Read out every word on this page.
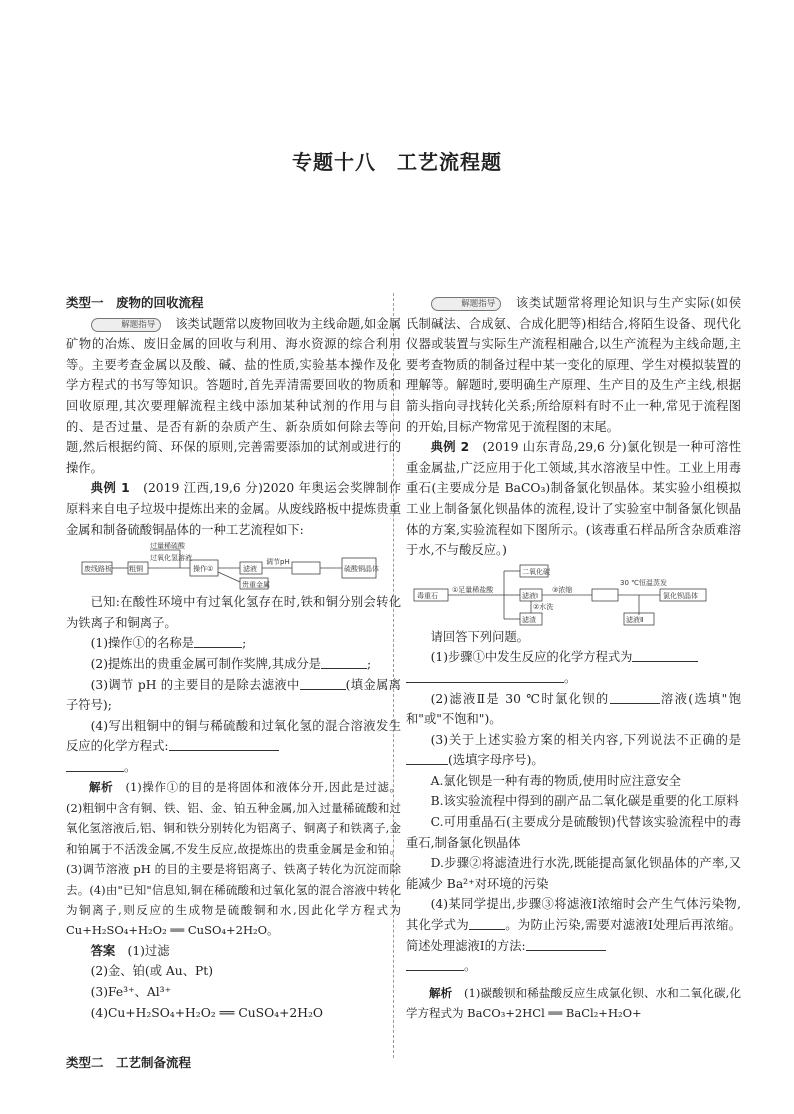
专题十八　工艺流程题

类型一　废物的回收流程

解题指导 该类试题常以废物回收为主线命题,如金属矿物的冶炼、废旧金属的回收与利用、海水资源的综合利用等。主要考查金属以及酸、碱、盐的性质,实验基本操作及化学方程式的书写等知识。答题时,首先弄清需要回收的物质和回收原理,其次要理解流程主线中添加某种试剂的作用与目的、是否过量、是否有新的杂质产生、新杂质如何除去等问题,然后根据约简、环保的原则,完善需要添加的试剂或进行的操作。

典例 1　 (2019 江西,19,6 分)2020 年奥运会奖牌制作原料来自电子垃圾中提炼出来的金属。从废线路板中提炼贵重金属和制备硫酸铜晶体的一种工艺流程如下:

废线路板 粗铜
过量稀硫酸
过氧化氢溶液
操作①	滤液
调节pH
硫酸铜晶体
贵重金属

已知:在酸性环境中有过氧化氢存在时,铁和铜分别会转化为铁离子和铜离子。

(1)操作①的名称是	;

(2)提炼出的贵重金属可制作奖牌,其成分是	;

(3)调节 pH 的主要目的是除去滤液中	(填金属离子符号);

(4)写出粗铜中的铜与稀硫酸和过氧化氢的混合溶液发生反应的化学方程式:
。

解析　 (1)操作①的目的是将固体和液体分开,因此是过滤。(2)粗铜中含有铜、铁、铝、金、铂五种金属,加入过量稀硫酸和过氧化氢溶液后,铝、铜和铁分别转化为铝离子、铜离子和铁离子,金和铂属于不活泼金属,不发生反应,故提炼出的贵重金属是金和铂。(3)调节溶液 pH 的目的主要是将铝离子、铁离子转化为沉淀而除去。(4)由"已知"信息知,铜在稀硫酸和过氧化氢的混合溶液中转化为铜离子,则反应的生成物是硫酸铜和水,因此化学方程式为 Cu+H₂SO₄+H₂O₂ ══ CuSO₄+2H₂O。

答案　 (1)过滤

(2)金、铂(或 Au、Pt)

(3)Fe³⁺、Al³⁺

(4)Cu+H₂SO₄+H₂O₂ ══ CuSO₄+2H₂O

类型二　工艺制备流程

解题指导 该类试题常将理论知识与生产实际(如侯氏制碱法、合成氨、合成化肥等)相结合,将陌生设备、现代化仪器或装置与实际生产流程相融合,以生产流程为主线命题,主要考查物质的制备过程中某一变化的原理、学生对模拟装置的理解等。解题时,要明确生产原理、生产目的及生产主线,根据箭头指向寻找转化关系;所给原料有时不止一种,常见于流程图的开始,目标产物常见于流程图的末尾。

典例 2　 (2019 山东青岛,29,6 分)氯化钡是一种可溶性重金属盐,广泛应用于化工领域,其水溶液呈中性。工业上用毒重石(主要成分是 BaCO₃)制备氯化钡晶体。某实验小组模拟工业上制备氯化钡晶体的流程,设计了实验室中制备氯化钡晶体的方案,实验流程如下图所示。(该毒重石样品所含杂质难溶于水,不与酸反应。)

毒重石
①足量稀盐酸
滤液Ⅰ
二氧化碳
滤渣
②水洗
③浓缩
30 ℃恒温蒸发
氯化钡晶体
滤液Ⅱ

请回答下列问题。

(1)步骤①中发生反应的化学方程式为
。

(2)滤液Ⅱ是 30 ℃时氯化钡的	溶液(选填"饱和"或"不饱和")。

(3)关于上述实验方案的相关内容,下列说法不正确的是(选填字母序号)。

A.氯化钡是一种有毒的物质,使用时应注意安全

B.该实验流程中得到的副产品二氧化碳是重要的化工原料

C.可用重晶石(主要成分是硫酸钡)代替该实验流程中的毒重石,制备氯化钡晶体

D.步骤②将滤渣进行水洗,既能提高氯化钡晶体的产率,又能减少 Ba²⁺对环境的污染

(4)某同学提出,步骤③将滤液Ⅰ浓缩时会产生气体污染物,其化学式为	。为防止污染,需要对滤液Ⅰ处理后再浓缩。简述处理滤液Ⅰ的方法:
。

解析　 (1)碳酸钡和稀盐酸反应生成氯化钡、水和二氧化碳,化学方程式为 BaCO₃+2HCl ══ BaCl₂+H₂O+
